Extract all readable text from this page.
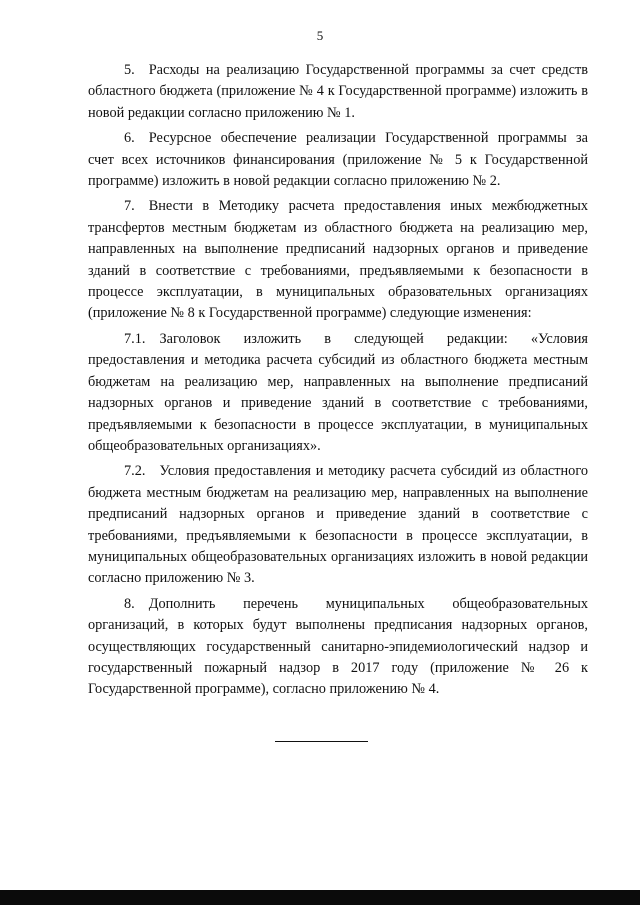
5

5. Расходы на реализацию Государственной программы за счет средств областного бюджета (приложение № 4 к Государственной программе) изложить в новой редакции согласно приложению № 1.

6. Ресурсное обеспечение реализации Государственной программы за счет всех источников финансирования (приложение № 5 к Государственной программе) изложить в новой редакции согласно приложению № 2.

7. Внести в Методику расчета предоставления иных межбюджетных трансфертов местным бюджетам из областного бюджета на реализацию мер, направленных на выполнение предписаний надзорных органов и приведение зданий в соответствие с требованиями, предъявляемыми к безопасности в процессе эксплуатации, в муниципальных образовательных организациях (приложение № 8 к Государственной программе) следующие изменения:

7.1. Заголовок изложить в следующей редакции: «Условия предоставления и методика расчета субсидий из областного бюджета местным бюджетам на реализацию мер, направленных на выполнение предписаний надзорных органов и приведение зданий в соответствие с требованиями, предъявляемыми к безопасности в процессе эксплуатации, в муниципальных общеобразовательных организациях».

7.2. Условия предоставления и методику расчета субсидий из областного бюджета местным бюджетам на реализацию мер, направленных на выполнение предписаний надзорных органов и приведение зданий в соответствие с требованиями, предъявляемыми к безопасности в процессе эксплуатации, в муниципальных общеобразовательных организациях изложить в новой редакции согласно приложению № 3.

8. Дополнить перечень муниципальных общеобразовательных организаций, в которых будут выполнены предписания надзорных органов, осуществляющих государственный санитарно-эпидемиологический надзор и государственный пожарный надзор в 2017 году (приложение № 26 к Государственной программе), согласно приложению № 4.
